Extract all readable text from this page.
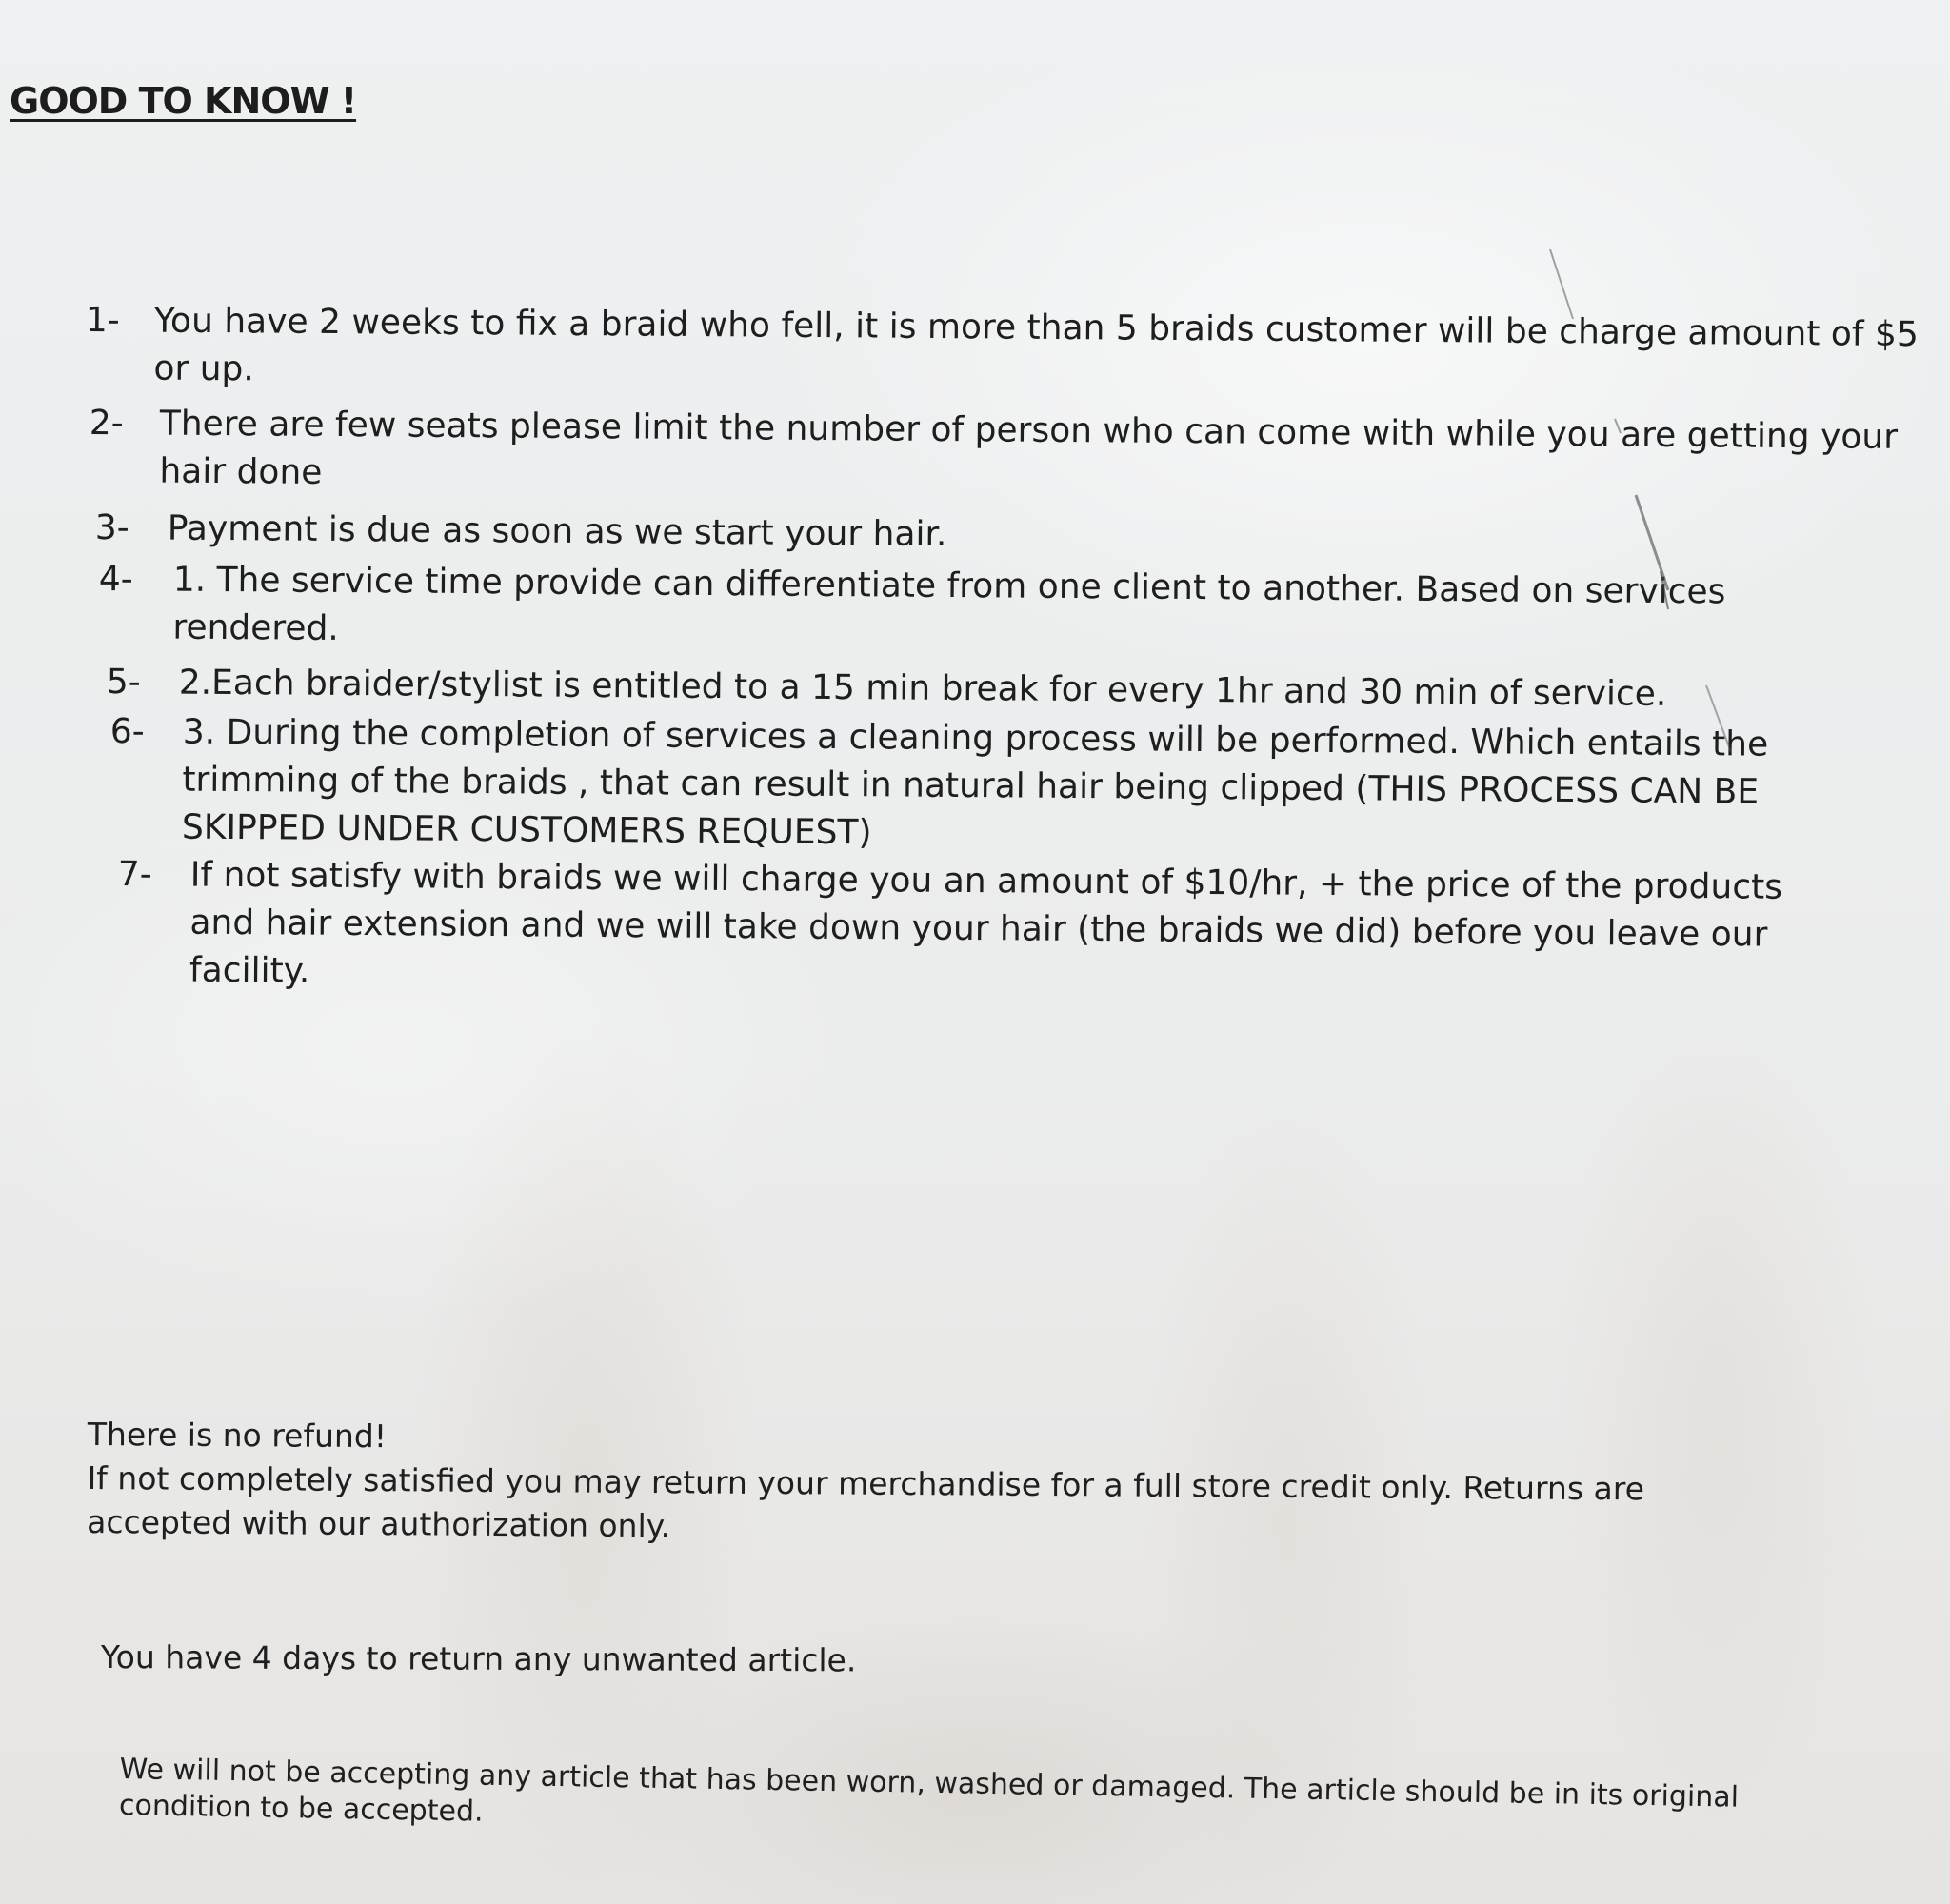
GOOD TO KNOW !
1- You have 2 weeks to fix a braid who fell, it is more than 5 braids customer will be charge amount of $5 or up.
2- There are few seats please limit the number of person who can come with while you are getting your hair done
3- Payment is due as soon as we start your hair.
4- 1. The service time provide can differentiate from one client to another. Based on services rendered.
5- 2.Each braider/stylist is entitled to a 15 min break for every 1hr and 30 min of service.
6- 3. During the completion of services a cleaning process will be performed. Which entails the trimming of the braids , that can result in natural hair being clipped (THIS PROCESS CAN BE SKIPPED UNDER CUSTOMERS REQUEST)
7- If not satisfy with braids we will charge you an amount of $10/hr, + the price of the products and hair extension and we will take down your hair (the braids we did) before you leave our facility.
There is no refund!
If not completely satisfied you may return your merchandise for a full store credit only. Returns are accepted with our authorization only.
You have 4 days to return any unwanted article.
We will not be accepting any article that has been worn, washed or damaged. The article should be in its original condition to be accepted.
